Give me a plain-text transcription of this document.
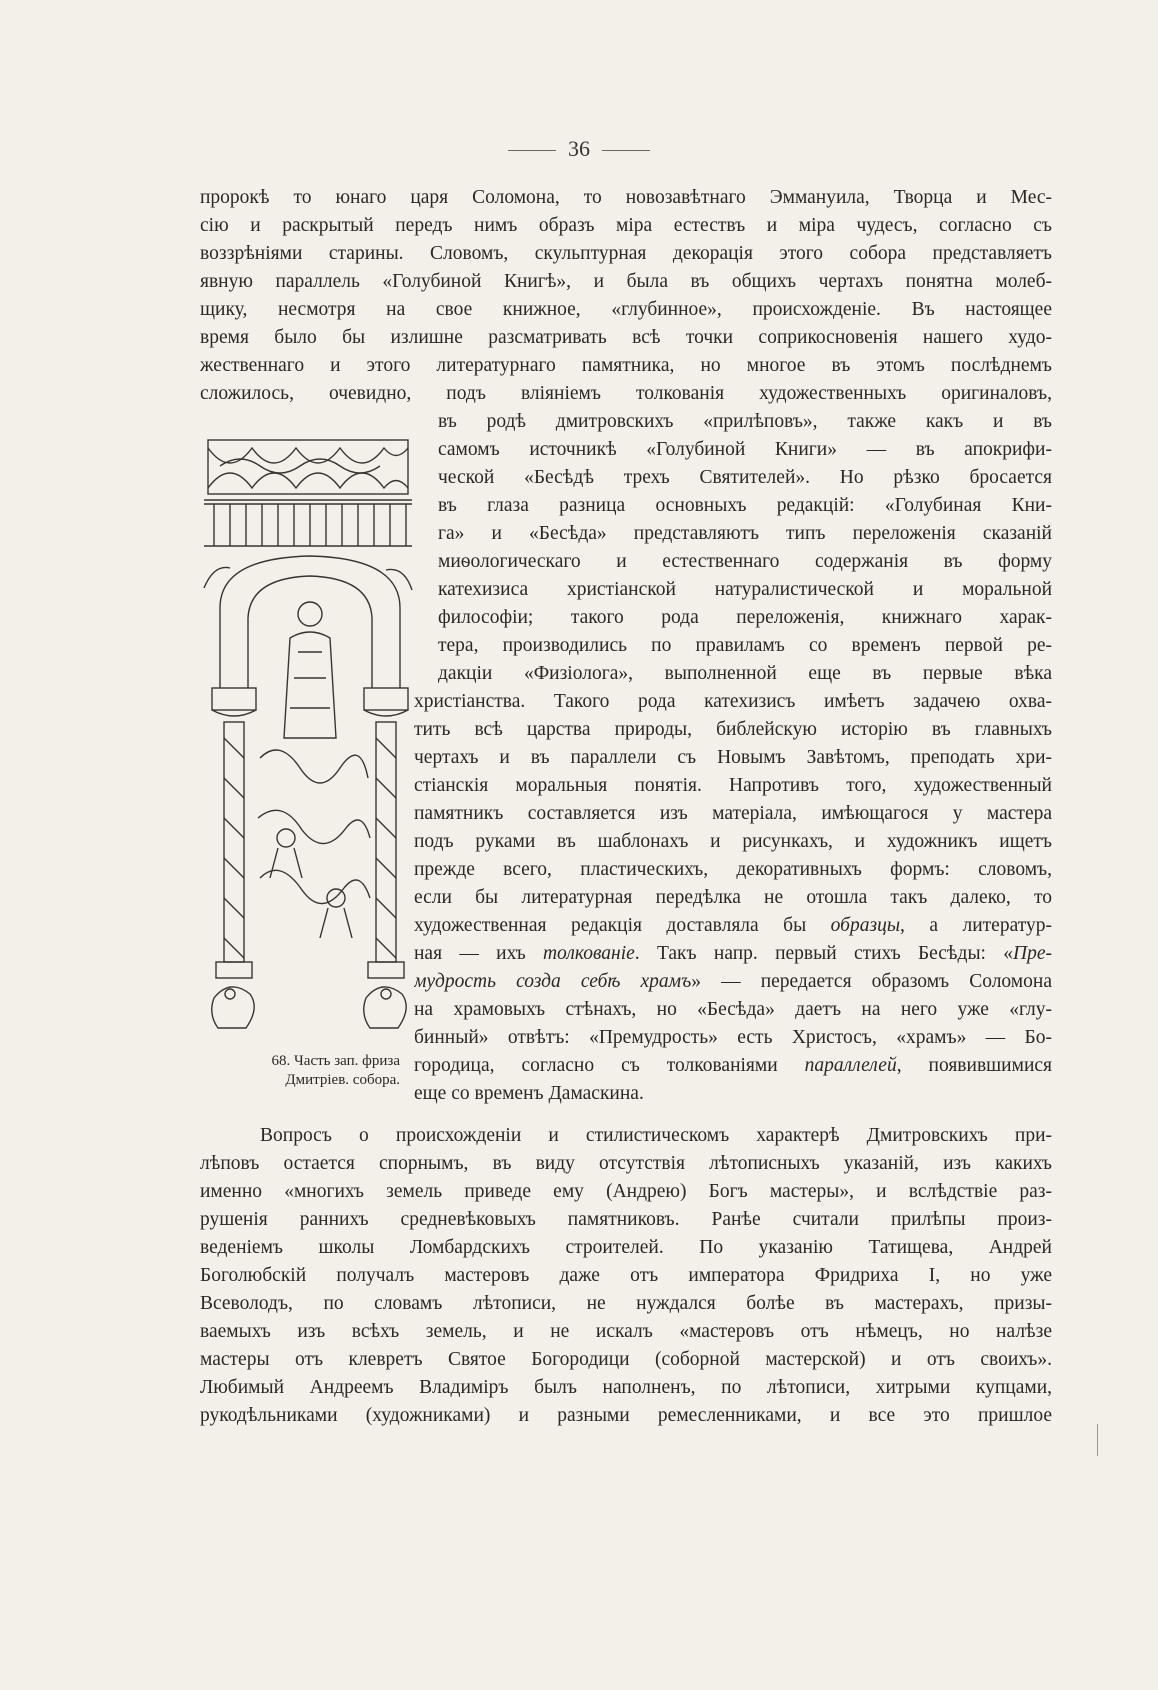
36
пророкѣ то юнаго царя Соломона, то новозавѣтнаго Эммануила, Творца и Мес-
сію и раскрытый передъ нимъ образъ міра естествъ и міра чудесъ, согласно съ
воззрѣніями старины. Словомъ, скульптурная декорація этого собора представляетъ
явную параллель «Голубиной Книгѣ», и была въ общихъ чертахъ понятна молеб-
щику, несмотря на свое книжное, «глубинное», происхожденіе. Въ настоящее
время было бы излишне разсматривать всѣ точки соприкосновенія нашего худо-
жественнаго и этого литературнаго памятника, но многое въ этомъ послѣднемъ
сложилось, очевидно, подъ вліяніемъ толкованія художественныхъ оригиналовъ,
въ родѣ дмитровскихъ «прилѣповъ», также какъ и въ
самомъ источникѣ «Голубиной Книги» — въ апокрифи-
ческой «Бесѣдѣ трехъ Святителей». Но рѣзко бросается
въ глаза разница основныхъ редакцій: «Голубиная Кни-
га» и «Бесѣда» представляютъ типъ переложенія сказаній
миѳологическаго и естественнаго содержанія въ форму
катехизиса христіанской натуралистической и моральной
философіи; такого рода переложенія, книжнаго харак-
тера, производились по правиламъ со временъ первой ре-
дакціи «Физіолога», выполненной еще въ первые вѣка
христіанства. Такого рода катехизисъ имѣетъ задачею охва-
тить всѣ царства природы, библейскую исторію въ главныхъ
чертахъ и въ параллели съ Новымъ Завѣтомъ, преподать хри-
стіанскія моральныя понятія. Напротивъ того, художественный
памятникъ составляется изъ матеріала, имѣющагося у мастера
подъ руками въ шаблонахъ и рисункахъ, и художникъ ищетъ
прежде всего, пластическихъ, декоративныхъ формъ: словомъ,
если бы литературная передѣлка не отошла такъ далеко, то
художественная редакція доставляла бы образцы, а литератур-
ная — ихъ толкованіе. Такъ напр. первый стихъ Бесѣды: «Пре-
мудрость созда себѣ храмъ» — передается образомъ Соломона
на храмовыхъ стѣнахъ, но «Бесѣда» даетъ на него уже «глу-
бинный» отвѣтъ: «Премудрость» есть Христосъ, «храмъ» — Бо-
городица, согласно съ толкованіями параллелей, появившимися
еще со временъ Дамаскина.
Вопросъ о происхожденіи и стилистическомъ характерѣ Дмитровскихъ при-
лѣповъ остается спорнымъ, въ виду отсутствія лѣтописныхъ указаній, изъ какихъ
именно «многихъ земель приведе ему (Андрею) Богъ мастеры», и вслѣдствіе раз-
рушенія раннихъ средневѣковыхъ памятниковъ. Ранѣе считали прилѣпы произ-
веденіемъ школы Ломбардскихъ строителей. По указанію Татищева, Андрей
Боголюбскій получалъ мастеровъ даже отъ императора Фридриха I, но уже
Всеволодъ, по словамъ лѣтописи, не нуждался болѣе въ мастерахъ, призы-
ваемыхъ изъ всѣхъ земель, и не искалъ «мастеровъ отъ нѣмецъ, но налѣзе
мастеры отъ клевретъ Святое Богородици (соборной мастерской) и отъ своихъ».
Любимый Андреемъ Владиміръ былъ наполненъ, по лѣтописи, хитрыми купцами,
рукодѣльниками (художниками) и разными ремесленниками, и все это пришлое
68. Часть зап. фриза
Дмитріев. собора.
